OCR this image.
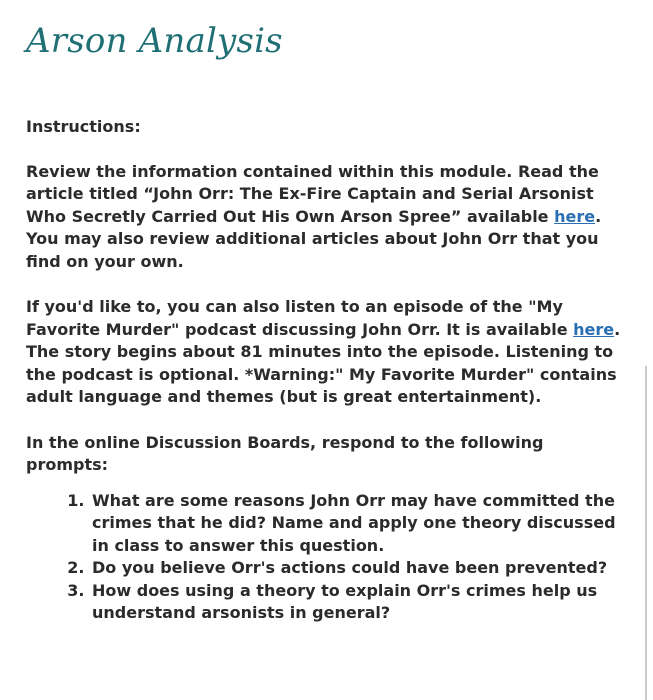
Arson Analysis

Instructions:

Review the information contained within this module. Read the article titled “John Orr: The Ex-Fire Captain and Serial Arsonist Who Secretly Carried Out His Own Arson Spree” available here. You may also review additional articles about John Orr that you find on your own.

If you'd like to, you can also listen to an episode of the "My Favorite Murder" podcast discussing John Orr. It is available here. The story begins about 81 minutes into the episode. Listening to the podcast is optional. *Warning:" My Favorite Murder" contains adult language and themes (but is great entertainment).

In the online Discussion Boards, respond to the following prompts:

1. What are some reasons John Orr may have committed the crimes that he did? Name and apply one theory discussed in class to answer this question.
2. Do you believe Orr's actions could have been prevented?
3. How does using a theory to explain Orr's crimes help us understand arsonists in general?
